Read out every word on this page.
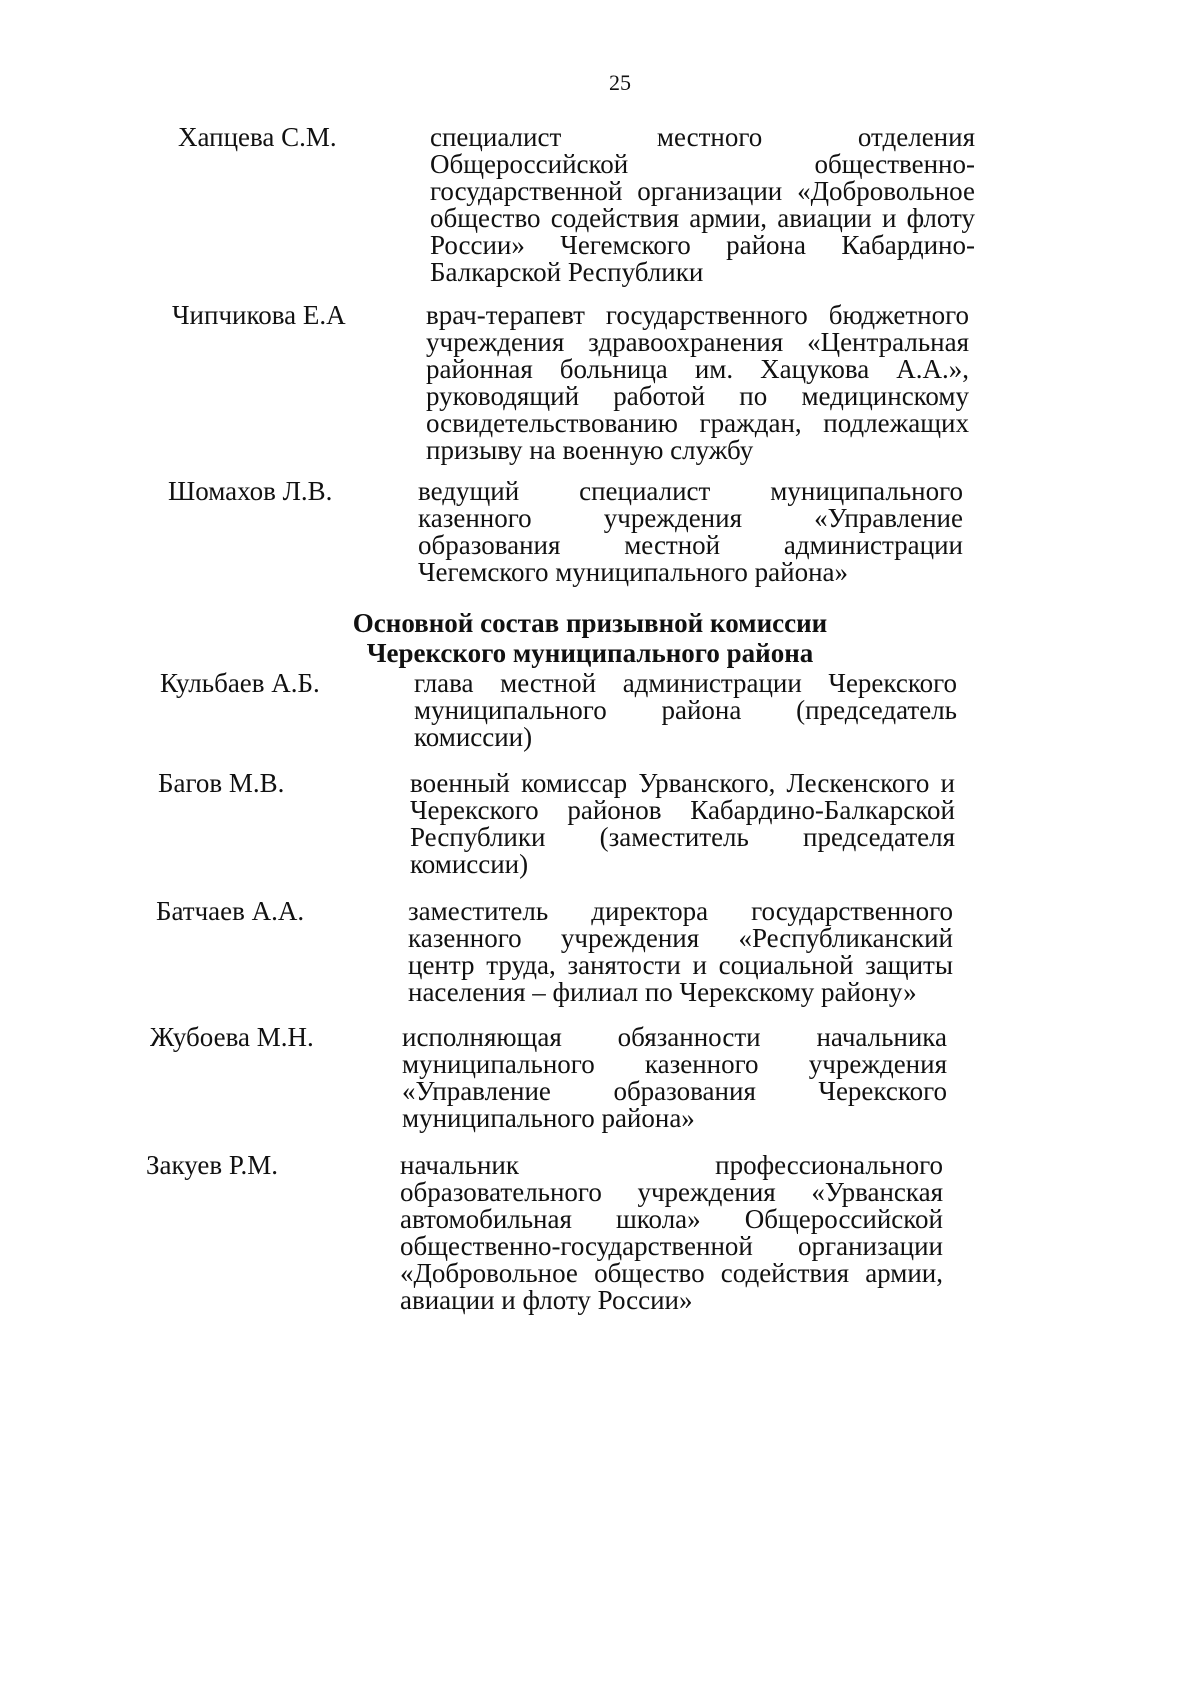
25
Хапцева С.М.	специалист местного отделения Общероссийской общественно-государственной организации «Добровольное общество содействия армии, авиации и флоту России» Чегемского района Кабардино-Балкарской Республики
Чипчикова Е.А	врач-терапевт государственного бюджетного учреждения здравоохранения «Центральная районная больница им. Хацукова А.А.», руководящий работой по медицинскому освидетельствованию граждан, подлежащих призыву на военную службу
Шомахов Л.В.	ведущий специалист муниципального казенного учреждения «Управление образования местной администрации Чегемского муниципального района»
Основной состав призывной комиссии
Черекского муниципального района
Кульбаев А.Б.	глава местной администрации Черекского муниципального района (председатель комиссии)
Багов М.В.	военный комиссар Урванского, Лескенского и Черекского районов Кабардино-Балкарской Республики (заместитель председателя комиссии)
Батчаев А.А.	заместитель директора государственного казенного учреждения «Республиканский центр труда, занятости и социальной защиты населения – филиал по Черекскому району»
Жубоева М.Н.	исполняющая обязанности начальника муниципального казенного учреждения «Управление образования Черекского муниципального района»
Закуев Р.М.	начальник профессионального образовательного учреждения «Урванская автомобильная школа» Общероссийской общественно-государственной организации «Добровольное общество содействия армии, авиации и флоту России»
